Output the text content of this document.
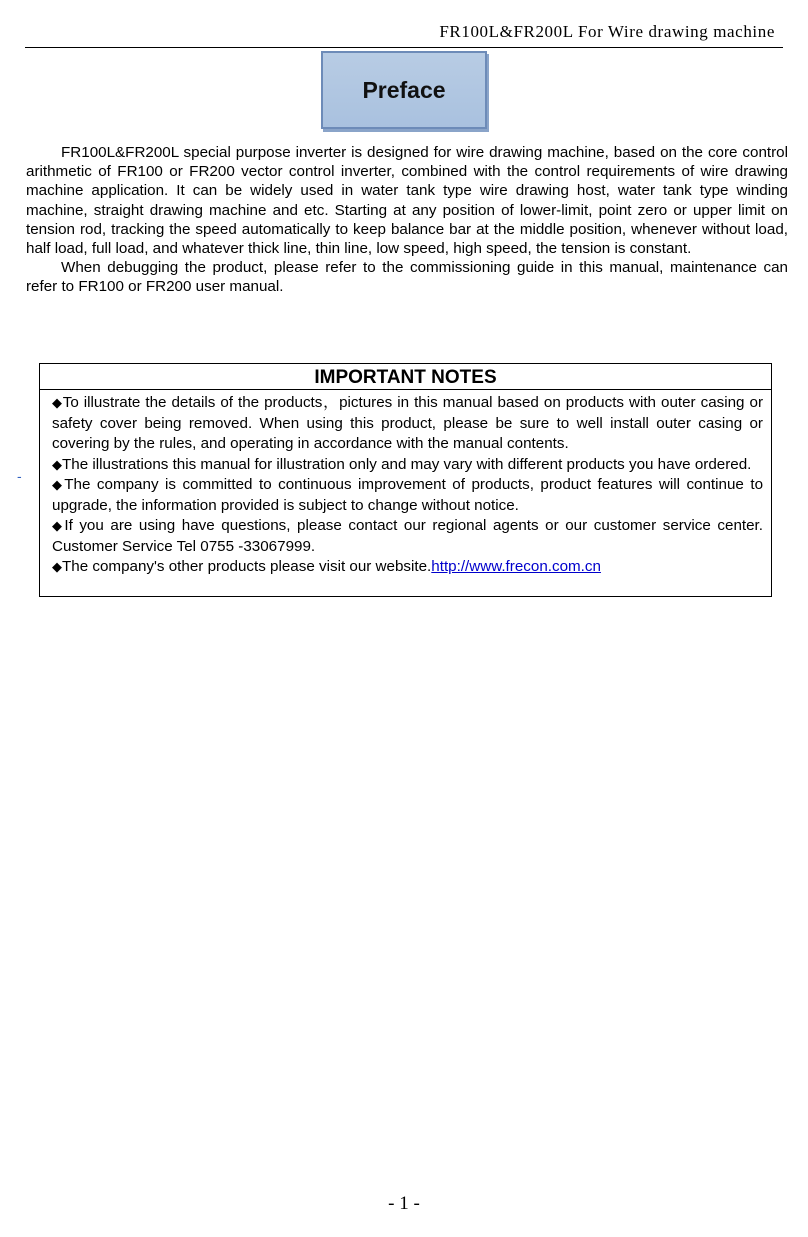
FR100L&FR200L For Wire drawing machine
Preface

FR100L&FR200L special purpose inverter is designed for wire drawing machine, based on the core control arithmetic of FR100 or FR200 vector control inverter, combined with the control requirements of wire drawing machine application. It can be widely used in water tank type wire drawing host, water tank type winding machine, straight drawing machine and etc. Starting at any position of lower-limit, point zero or upper limit on tension rod, tracking the speed automatically to keep balance bar at the middle position, whenever without load, half load, full load, and whatever thick line, thin line, low speed, high speed, the tension is constant.

When debugging the product, please refer to the commissioning guide in this manual, maintenance can refer to FR100 or FR200 user manual.

-
IMPORTANT NOTES

◆To illustrate the details of the products，pictures in this manual based on products with outer casing or safety cover being removed. When using this product, please be sure to well install outer casing or covering by the rules, and operating in accordance with the manual contents.

◆The illustrations this manual for illustration only and may vary with different products you have ordered.

◆The company is committed to continuous improvement of products, product features will continue to upgrade, the information provided is subject to change without notice.

◆If you are using have questions, please contact our regional agents or our customer service center. Customer Service Tel 0755 -33067999.

◆The company's other products please visit our website.http://www.frecon.com.cn

- 1 -
